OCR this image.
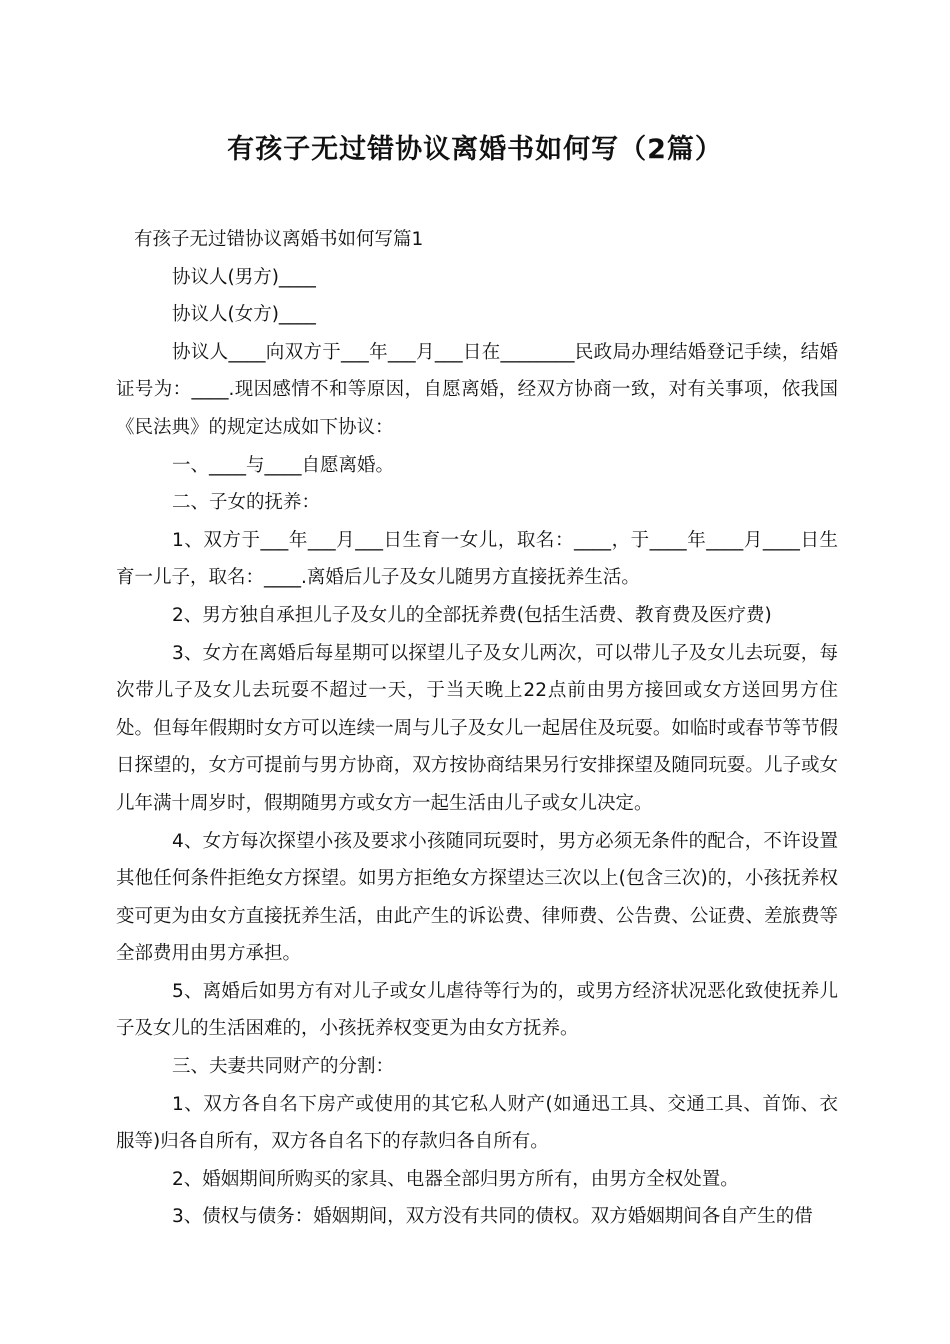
有孩子无过错协议离婚书如何写（2篇）

有孩子无过错协议离婚书如何写篇1

协议人(男方)____

协议人(女方)____

协议人____向双方于___年___月___日在________民政局办理结婚登记手续，结婚证号为：____.现因感情不和等原因，自愿离婚，经双方协商一致，对有关事项，依我国《民法典》的规定达成如下协议：

一、____与____自愿离婚。

二、子女的抚养：

1、双方于___年___月___日生育一女儿，取名：____，于____年____月____日生育一儿子，取名：____.离婚后儿子及女儿随男方直接抚养生活。

2、男方独自承担儿子及女儿的全部抚养费(包括生活费、教育费及医疗费)

3、女方在离婚后每星期可以探望儿子及女儿两次，可以带儿子及女儿去玩耍，每次带儿子及女儿去玩耍不超过一天，于当天晚上22点前由男方接回或女方送回男方住处。但每年假期时女方可以连续一周与儿子及女儿一起居住及玩耍。如临时或春节等节假日探望的，女方可提前与男方协商，双方按协商结果另行安排探望及随同玩耍。儿子或女儿年满十周岁时，假期随男方或女方一起生活由儿子或女儿决定。

4、女方每次探望小孩及要求小孩随同玩耍时，男方必须无条件的配合，不许设置其他任何条件拒绝女方探望。如男方拒绝女方探望达三次以上(包含三次)的，小孩抚养权变可更为由女方直接抚养生活，由此产生的诉讼费、律师费、公告费、公证费、差旅费等全部费用由男方承担。

5、离婚后如男方有对儿子或女儿虐待等行为的，或男方经济状况恶化致使抚养儿子及女儿的生活困难的，小孩抚养权变更为由女方抚养。

三、夫妻共同财产的分割：

1、双方各自名下房产或使用的其它私人财产(如通迅工具、交通工具、首饰、衣服等)归各自所有，双方各自名下的存款归各自所有。

2、婚姻期间所购买的家具、电器全部归男方所有，由男方全权处置。

3、债权与债务：婚姻期间，双方没有共同的债权。双方婚姻期间各自产生的借
